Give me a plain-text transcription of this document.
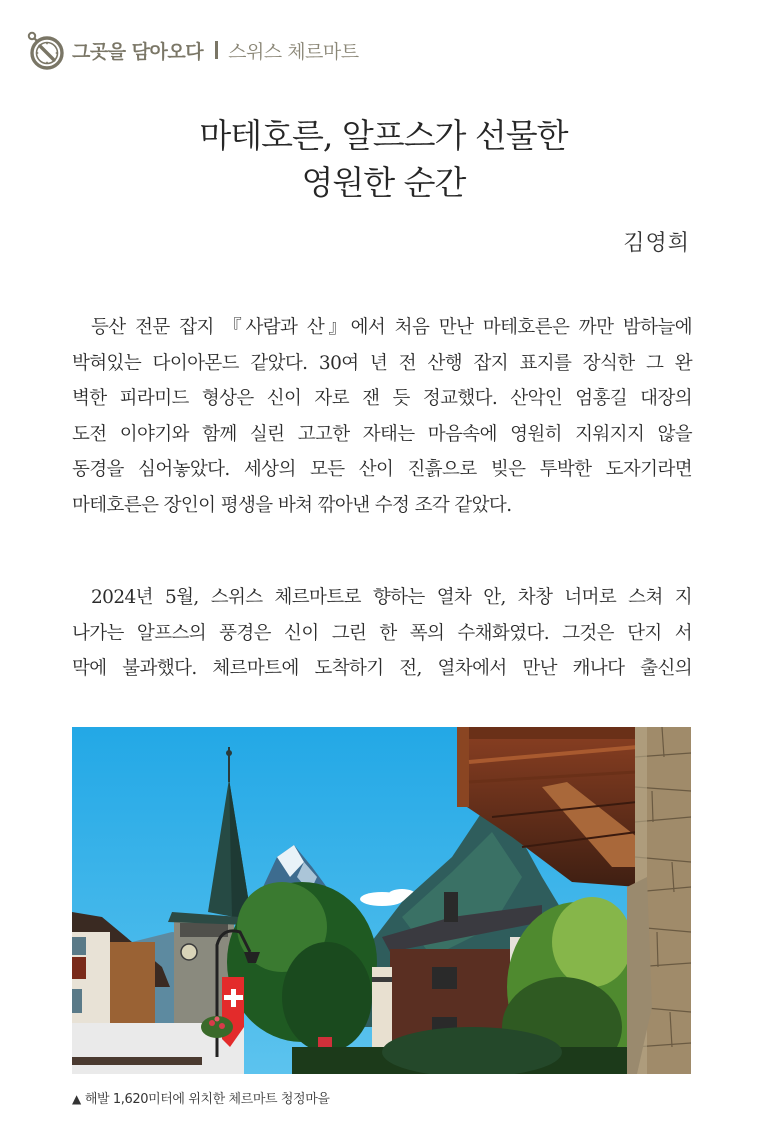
그곳을 담아오다 스위스 체르마트
마테호른, 알프스가 선물한
영원한 순간
김영희
등산 전문 잡지 『사람과 산』에서 처음 만난 마테호른은 까만 밤하늘에
박혀있는 다이아몬드 같았다. 30여 년 전 산행 잡지 표지를 장식한 그 완
벽한 피라미드 형상은 신이 자로 잰 듯 정교했다. 산악인 엄홍길 대장의
도전 이야기와 함께 실린 고고한 자태는 마음속에 영원히 지워지지 않을
동경을 심어놓았다. 세상의 모든 산이 진흙으로 빚은 투박한 도자기라면
마테호른은 장인이 평생을 바쳐 깎아낸 수정 조각 같았다.
2024년 5월, 스위스 체르마트로 향하는 열차 안, 차창 너머로 스쳐 지
나가는 알프스의 풍경은 신이 그린 한 폭의 수채화였다. 그것은 단지 서
막에 불과했다. 체르마트에 도착하기 전, 열차에서 만난 캐나다 출신의
▲ 해발 1,620미터에 위치한 체르마트 청정마을
